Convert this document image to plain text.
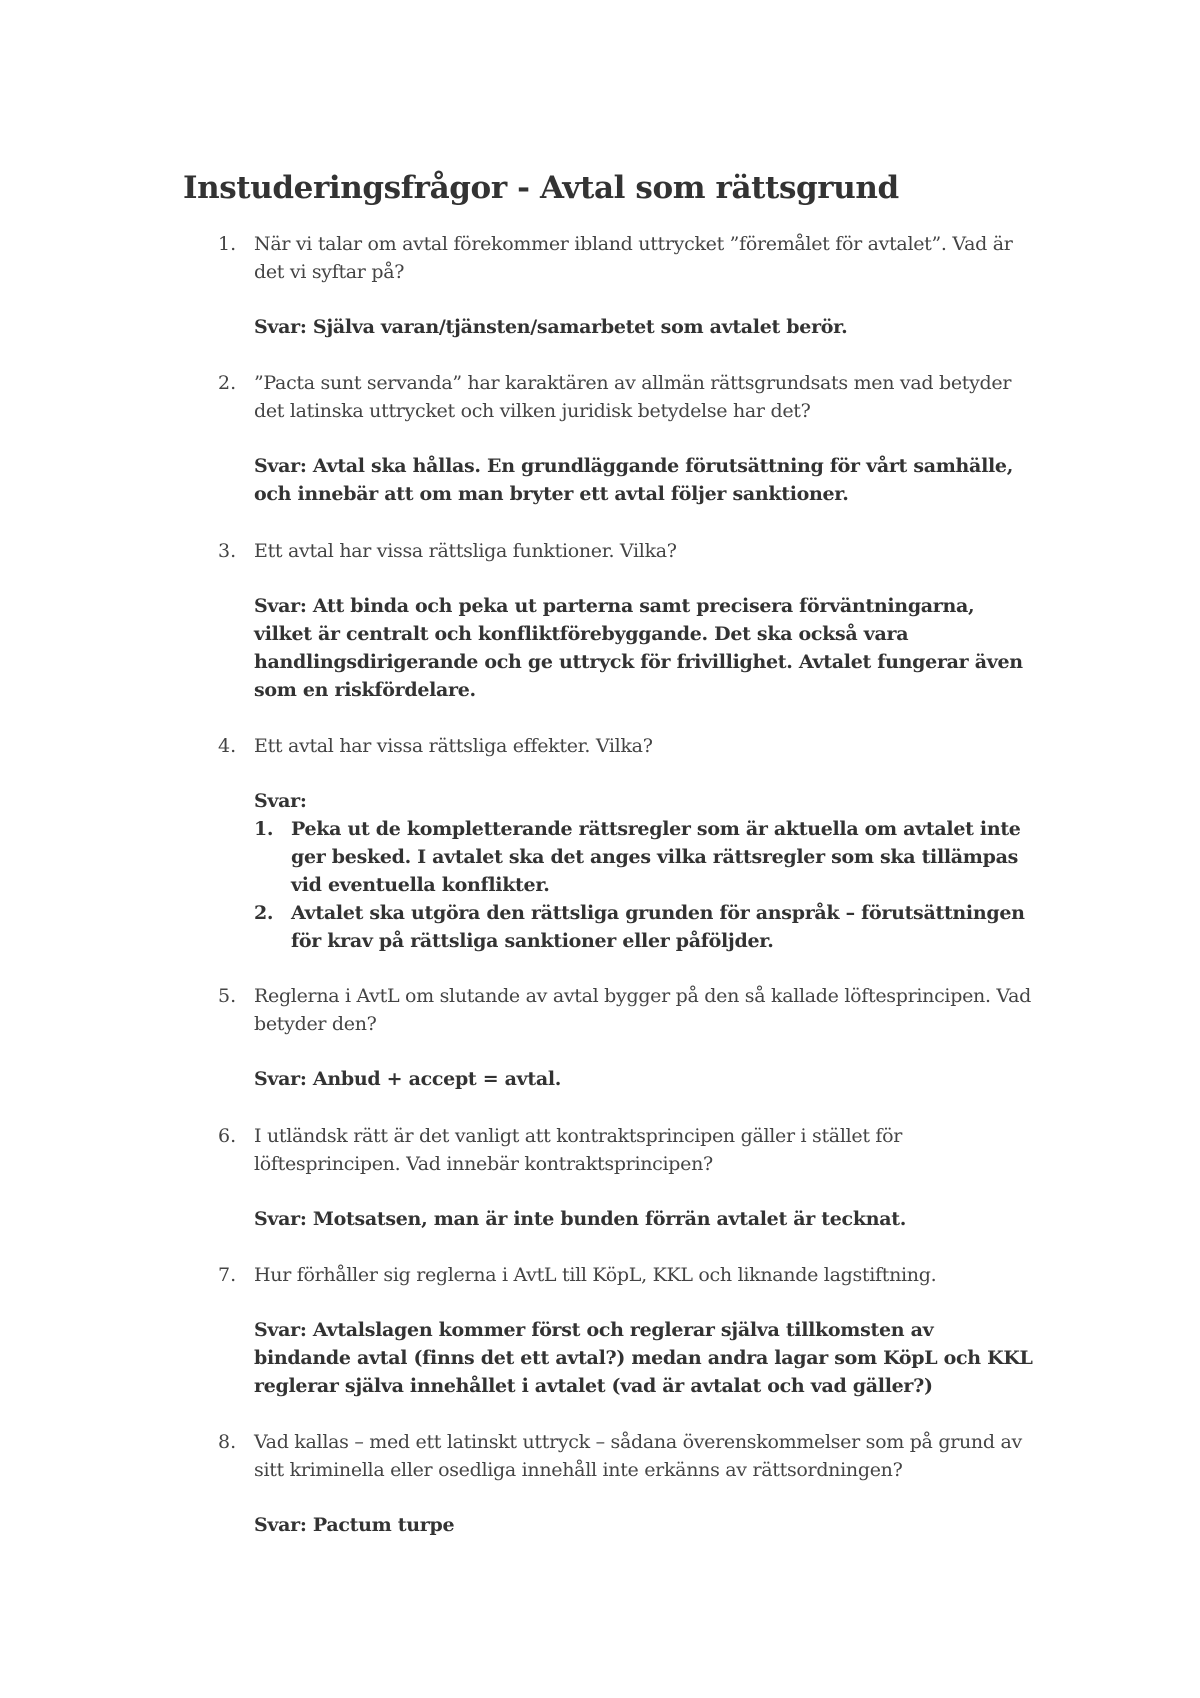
Instuderingsfrågor - Avtal som rättsgrund
1. När vi talar om avtal förekommer ibland uttrycket ”föremålet för avtalet”. Vad är det vi syftar på?

Svar: Själva varan/tjänsten/samarbetet som avtalet berör.

2. ”Pacta sunt servanda” har karaktären av allmän rättsgrundsats men vad betyder det latinska uttrycket och vilken juridisk betydelse har det?

Svar: Avtal ska hållas. En grundläggande förutsättning för vårt samhälle, och innebär att om man bryter ett avtal följer sanktioner.

3. Ett avtal har vissa rättsliga funktioner. Vilka?

Svar: Att binda och peka ut parterna samt precisera förväntningarna, vilket är centralt och konfliktförebyggande. Det ska också vara handlingsdirigerande och ge uttryck för frivillighet. Avtalet fungerar även som en riskfördelare.

4. Ett avtal har vissa rättsliga effekter. Vilka?

Svar:

1. Peka ut de kompletterande rättsregler som är aktuella om avtalet inte ger besked. I avtalet ska det anges vilka rättsregler som ska tillämpas vid eventuella konflikter.
2. Avtalet ska utgöra den rättsliga grunden för anspråk – förutsättningen för krav på rättsliga sanktioner eller påföljder.
5. Reglerna i AvtL om slutande av avtal bygger på den så kallade löftesprincipen. Vad betyder den?

Svar: Anbud + accept = avtal.

6. I utländsk rätt är det vanligt att kontraktsprincipen gäller i stället för löftesprincipen. Vad innebär kontraktsprincipen?

Svar: Motsatsen, man är inte bunden förrän avtalet är tecknat.

7. Hur förhåller sig reglerna i AvtL till KöpL, KKL och liknande lagstiftning.

Svar: Avtalslagen kommer först och reglerar själva tillkomsten av bindande avtal (finns det ett avtal?) medan andra lagar som KöpL och KKL reglerar själva innehållet i avtalet (vad är avtalat och vad gäller?)

8. Vad kallas – med ett latinskt uttryck – sådana överenskommelser som på grund av sitt kriminella eller osedliga innehåll inte erkänns av rättsordningen?

Svar: Pactum turpe
